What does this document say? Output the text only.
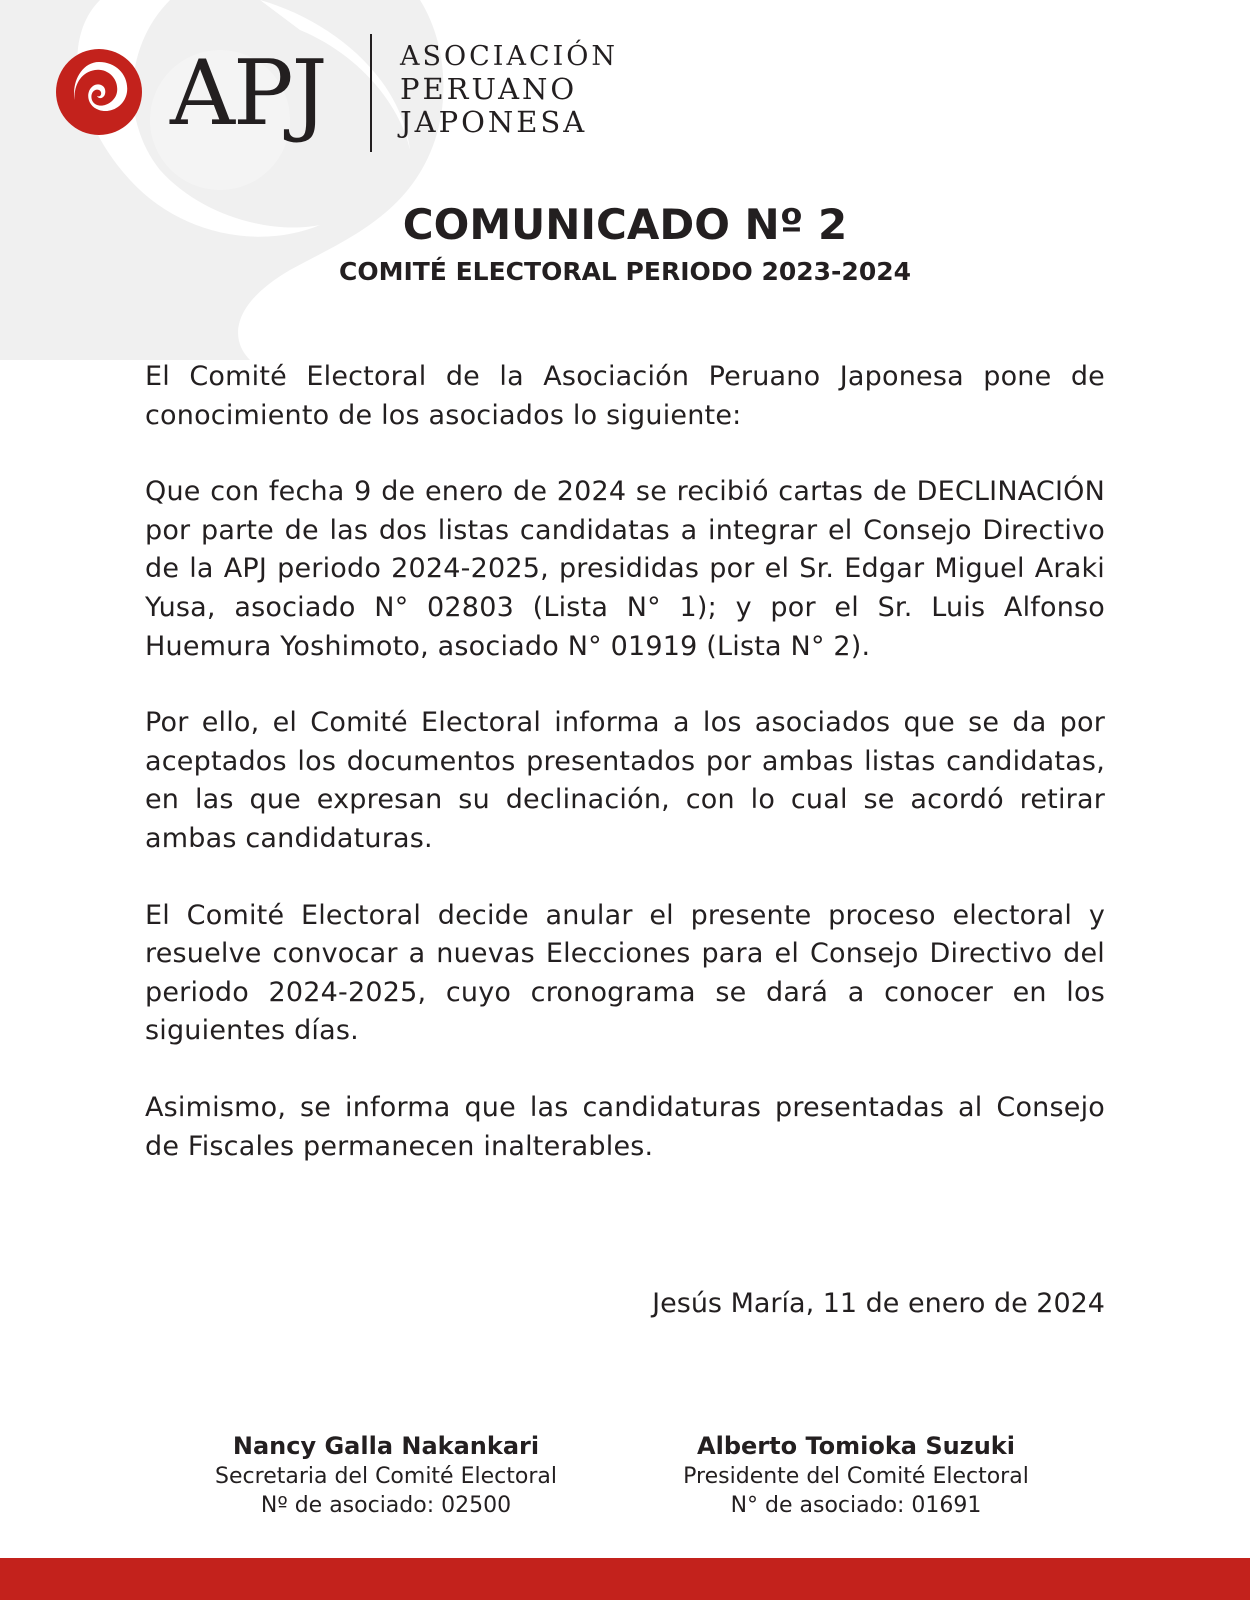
APJ	ASOCIACIÓN
PERUANO
JAPONESA
COMUNICADO Nº 2
COMITÉ ELECTORAL PERIODO 2023-2024

El Comité Electoral de la Asociación Peruano Japonesa pone de conocimiento de los asociados lo siguiente:

Que con fecha 9 de enero de 2024 se recibió cartas de DECLINACIÓN por parte de las dos listas candidatas a integrar el Consejo Directivo de la APJ periodo 2024-2025, presididas por el Sr. Edgar Miguel Araki Yusa, asociado N° 02803 (Lista N° 1); y por el Sr. Luis Alfonso Huemura Yoshimoto, asociado N° 01919 (Lista N° 2).

Por ello, el Comité Electoral informa a los asociados que se da por aceptados los documentos presentados por ambas listas candidatas, en las que expresan su declinación, con lo cual se acordó retirar ambas candidaturas.

El Comité Electoral decide anular el presente proceso electoral y resuelve convocar a nuevas Elecciones para el Consejo Directivo del periodo 2024-2025, cuyo cronograma se dará a conocer en los siguientes días.

Asimismo, se informa que las candidaturas presentadas al Consejo de Fiscales permanecen inalterables.

Jesús María, 11 de enero de 2024

Nancy Galla Nakankari

Secretaria del Comité Electoral

Nº de asociado: 02500

Alberto Tomioka Suzuki

Presidente del Comité Electoral

N° de asociado: 01691
